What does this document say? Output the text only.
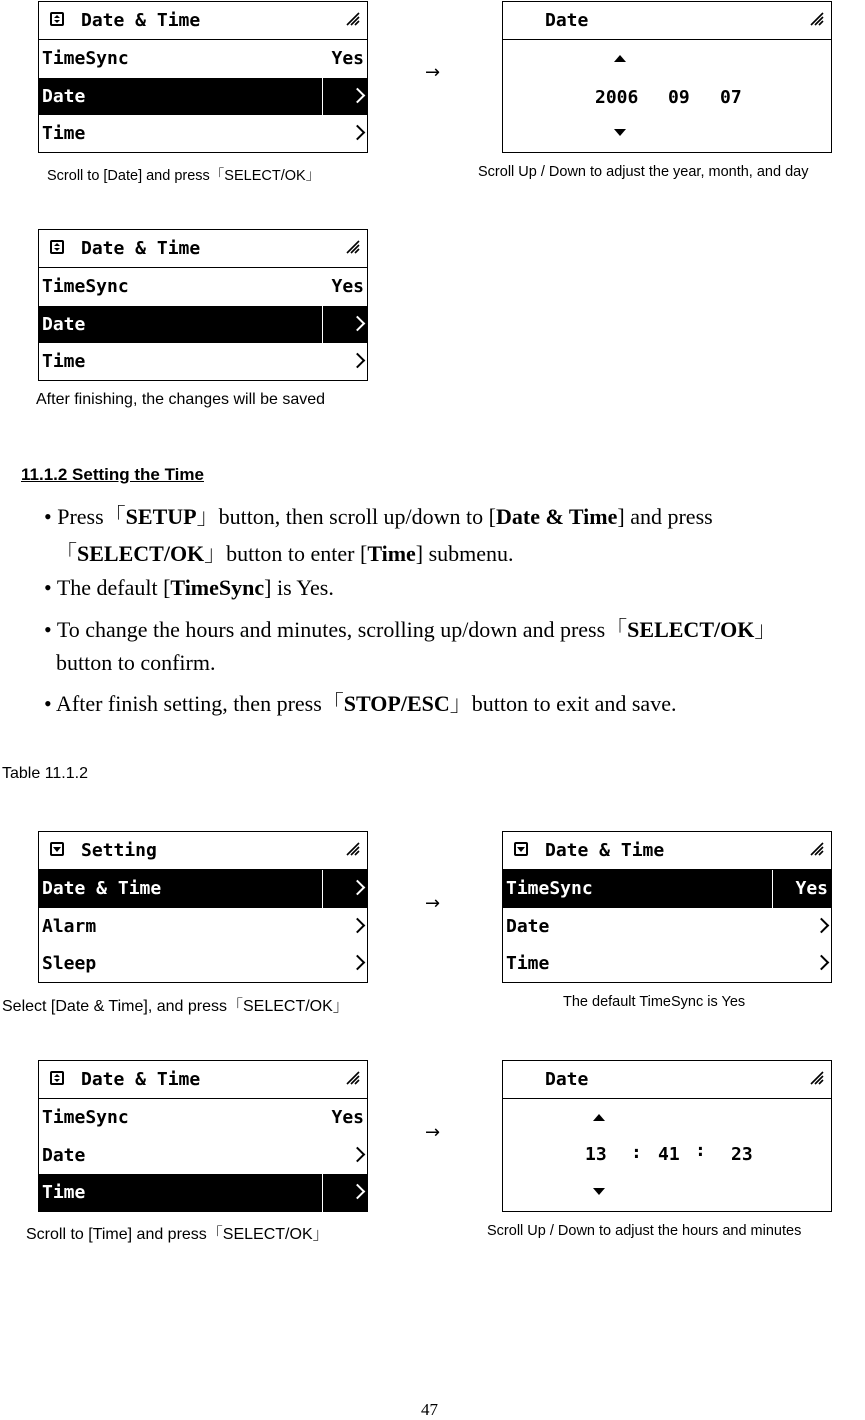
Date & Time
TimeSync	Yes
Date
Time
→
Date
2006 09 07
Scroll to [Date] and press「SELECT/OK」	Scroll Up / Down to adjust the year, month, and day
Date & Time
TimeSync	Yes
Date
Time
After finishing, the changes will be saved
11.1.2 Setting the Time
• Press「SETUP」button, then scroll up/down to [Date & Time] and press
「SELECT/OK」button to enter [Time] submenu.
• The default [TimeSync] is Yes.
• To change the hours and minutes, scrolling up/down and press「SELECT/OK」
button to confirm.
• After finish setting, then press「STOP/ESC」button to exit and save.
Table 11.1.2
Setting
Date & Time
Alarm
Sleep
→
Date & Time
TimeSync	Yes
Date
Time
Select [Date & Time], and press「SELECT/OK」	The default TimeSync is Yes
Date & Time
TimeSync	Yes
Date
Time
→
Date
13 : 41 : 23
Scroll to [Time] and press「SELECT/OK」	Scroll Up / Down to adjust the hours and minutes
47
